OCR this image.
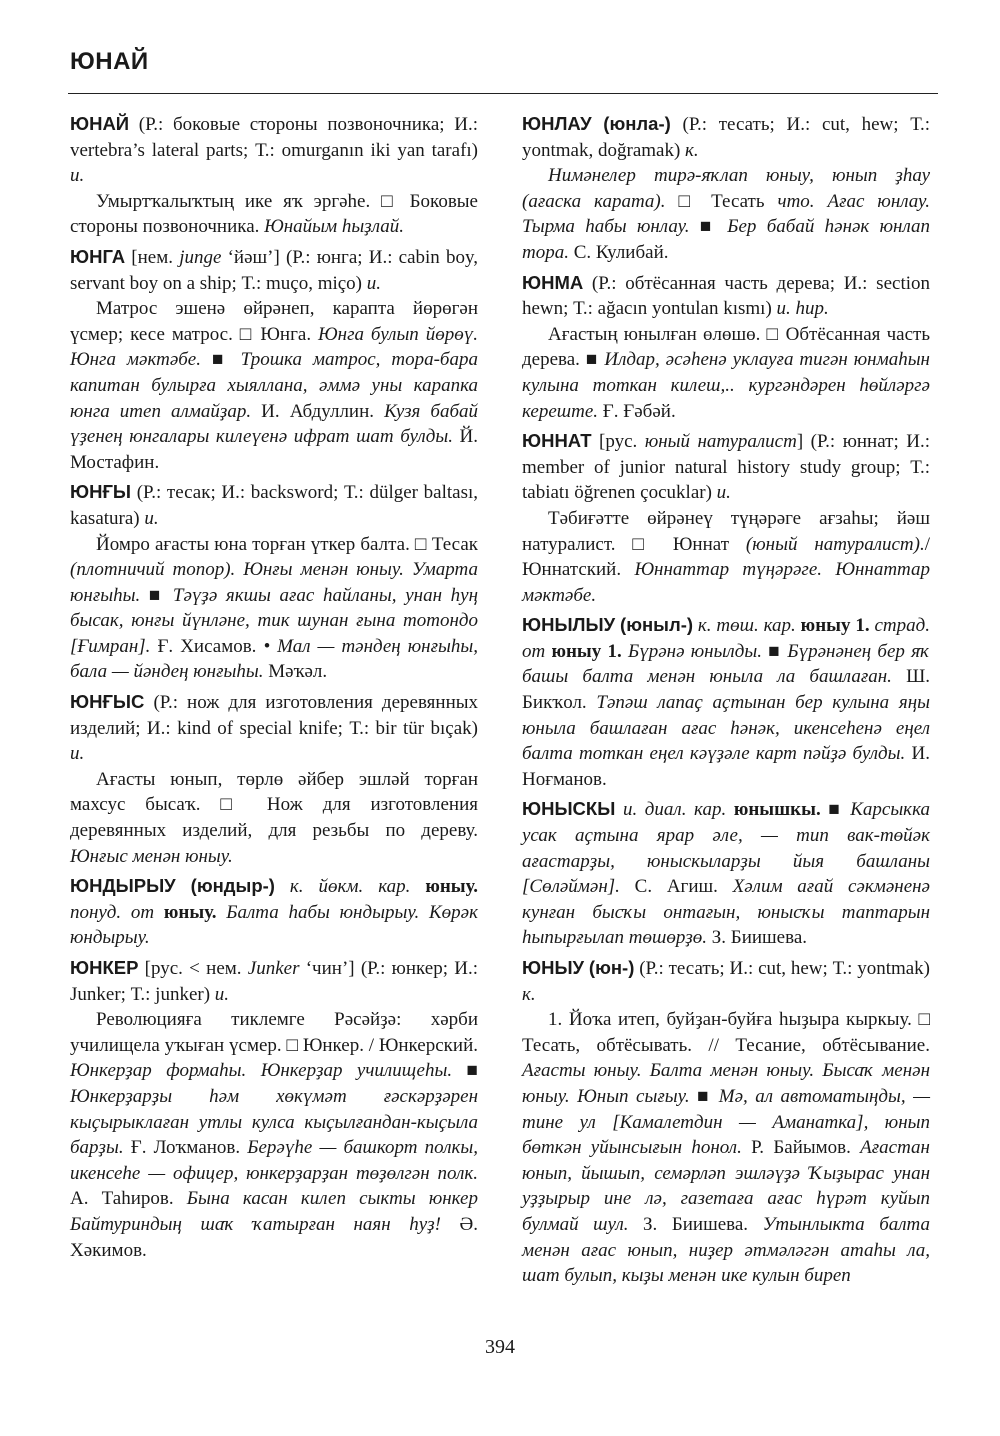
ЮНАЙ

ЮНАЙ (Р.: боковые стороны позвоночника; И.: vertebra’s lateral parts; Т.: omurganın iki yan tarafı) и.

Умыртҡалыҡтың ике яҡ эргәһе. □ Боковые стороны позвоночника. Юнайым һыҙлай.

ЮНГА [нем. junge ‘йәш’] (Р.: юнга; И.: cabin boy, servant boy on a ship; Т.: muço, miço) и.

Матрос эшенә өйрәнеп, карапта йөрөгән үсмер; кесе матрос. □ Юнга. Юнга булып йөрөү. Юнга мәктәбе. ■ Трошка матрос, тора-бара капитан булырға хыяллана, әммә уны карапка юнга итеп алмайҙар. И. Абдуллин. Кузя бабай үҙенең юнгалары килеүенә ифрат шат булды. Й. Мостафин.

ЮНҒЫ (Р.: тесак; И.: backsword; Т.: dülger baltası, kasatura) и.

Йомро ағасты юна торған үткер балта. □ Тесак (плотничий топор). Юнғы менән юныу. Умарта юнғыһы. ■ Тәүҙә якшы ағас һайланы, унан һуң бысак, юнғы йүнләне, тик шунан ғына тотондо [Ғимран]. Ғ. Хисамов. • Мал — тәндең юнғыһы, бала — йәндең юнғыһы. Мәҡәл.

ЮНҒЫС (Р.: нож для изготовления деревянных изделий; И.: kind of special knife; Т.: bir tür bıçak) и.

Ағасты юнып, төрлө әйбер эшләй торған махсус бысаҡ. □ Нож для изготовления деревянных изделий, для резьбы по дереву. Юнғыс менән юныу.

ЮНДЫРЫУ (юндыр-) к. йөкм. кар. юныу. понуд. от юныу. Балта һабы юндырыу. Көрәк юндырыу.

ЮНКЕР [рус. < нем. Junker ‘чин’] (Р.: юнкер; И.: Junker; Т.: junker) и.

Революцияға тиклемге Рәсәйҙә: хәрби училищела уҡыған үсмер. □ Юнкер. / Юнкерский. Юнкерҙар формаһы. Юнкерҙар училищеһы. ■ Юнкерҙарҙы һәм хөкүмәт ғәскәрҙәрен кыҫырыклаған утлы кулса кыҫылғандан-кыҫыла барҙы. Ғ. Лоҡманов. Берәүһе — башкорт полкы, икенсеһе — офицер, юнкерҙарҙан төҙөлгән полк. А. Таһиров. Бына касан килеп сыкты юнкер Байтуриндың шаҡ ҡатырған наян һуҙ! Ә. Хәкимов.

ЮНЛАУ (юнла-) (Р.: тесать; И.: cut, hew; Т.: yontmak, doğramak) к.

Нимәнелер тирә-яҡлап юныу, юнып ҙһау (ағаска карата). □ Тесать что. Ағас юнлау. Тырма һабы юнлау. ■ Бер бабай һәнәк юнлап тора. С. Кулибай.

ЮНМА (Р.: обтёсанная часть дерева; И.: section hewn; Т.: ağacın yontulan kısmı) и. hир.

Ағастың юнылған өлөшө. □ Обтёсанная часть дерева. ■ Илдар, әсәһенә уклауға тигән юнмаһын кулына тоткан килеш,.. кургәндәрен һөйләргә кереште. Ғ. Ғәбәй.

ЮННАТ [рус. юный натуралист] (Р.: юннат; И.: member of junior natural history study group; Т.: tabiatı öğrenen çocuklar) и.

Тәбиғәтте өйрәнеү түңәрәге ағзаһы; йәш натуралист. □ Юннат (юный натуралист)./ Юннатский. Юннаттар түңәрәге. Юннаттар мәктәбе.

ЮНЫЛЫУ (юныл-) к. төш. кар. юныу 1. страд. от юныу 1. Бүрәнә юнылды. ■ Бүрәнәнең бер яҡ башы балта менән юныла ла башлаған. Ш. Бикҡол. Тәпәш лапаҫ аҫтынан бер кулына яңы юныла башлаған ағас һәнәк, икенсеһенә еңел балта тоткан еңел кәүҙәле карт пәйҙә булды. И. Ноғманов.

ЮНЫСКЫ и. диал. кар. юнышкы. ■ Карсыкка усак аҫтына ярар әле, — тип вак-төйәк ағастарҙы, юныскыларҙы йыя башланы [Сөләймән]. С. Агиш. Хәлим ағай сәкмәненә кунған бысҡы онтағын, юнысҡы таптарын һыпырғылап төшөрҙө. З. Биишева.

ЮНЫУ (юн-) (Р.: тесать; И.: cut, hew; Т.: yontmak) к.

1. Йоҡа итеп, буйҙан-буйға һыҙыра кыркыу. □ Тесать, обтёсывать. // Тесание, обтёсывание. Ағасты юныу. Балта менән юныу. Бысаҡ менән юныу. Юнып сығыу. ■ Мә, ал автоматыңды, — тине ул [Камалетдин — Аманатка], юнып бөткән уйынсығын һонол. Р. Байымов. Ағастан юнып, йышып, семәрләп эшләүҙә Ҡыҙырас унан уҙҙырыр ине лә, газетаға ағас һүрәт куйып булмай шул. З. Биишева. Утынлыкта балта менән ағас юнып, ниҙер әтмәләгән атаһы ла, шат булып, кыҙы менән ике кулын биреп

394
